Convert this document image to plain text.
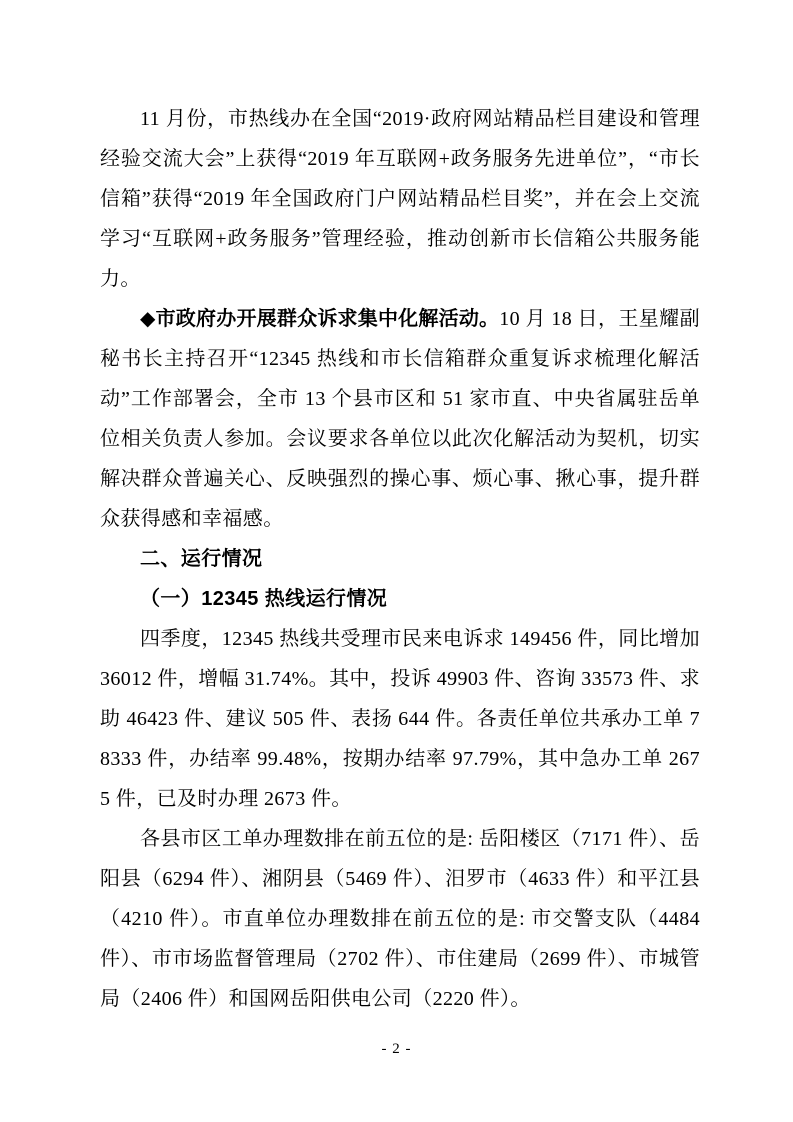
11 月份，市热线办在全国“2019·政府网站精品栏目建设和管理经验交流大会”上获得“2019 年互联网+政务服务先进单位”，“市长信箱”获得“2019 年全国政府门户网站精品栏目奖”，并在会上交流学习“互联网+政务服务”管理经验，推动创新市长信箱公共服务能力。

◆市政府办开展群众诉求集中化解活动。10 月 18 日，王星耀副秘书长主持召开“12345 热线和市长信箱群众重复诉求梳理化解活动”工作部署会，全市 13 个县市区和 51 家市直、中央省属驻岳单位相关负责人参加。会议要求各单位以此次化解活动为契机，切实解决群众普遍关心、反映强烈的操心事、烦心事、揪心事，提升群众获得感和幸福感。

二、运行情况
（一）12345 热线运行情况

四季度，12345 热线共受理市民来电诉求 149456 件，同比增加 36012 件，增幅 31.74%。其中，投诉 49903 件、咨询 33573 件、求助 46423 件、建议 505 件、表扬 644 件。各责任单位共承办工单 78333 件，办结率 99.48%，按期办结率 97.79%，其中急办工单 2675 件，已及时办理 2673 件。

各县市区工单办理数排在前五位的是: 岳阳楼区（7171 件）、岳阳县（6294 件）、湘阴县（5469 件）、汨罗市（4633 件）和平江县（4210 件）。市直单位办理数排在前五位的是: 市交警支队（4484 件）、市市场监督管理局（2702 件）、市住建局（2699 件）、市城管局（2406 件）和国网岳阳供电公司（2220 件）。

- 2 -
